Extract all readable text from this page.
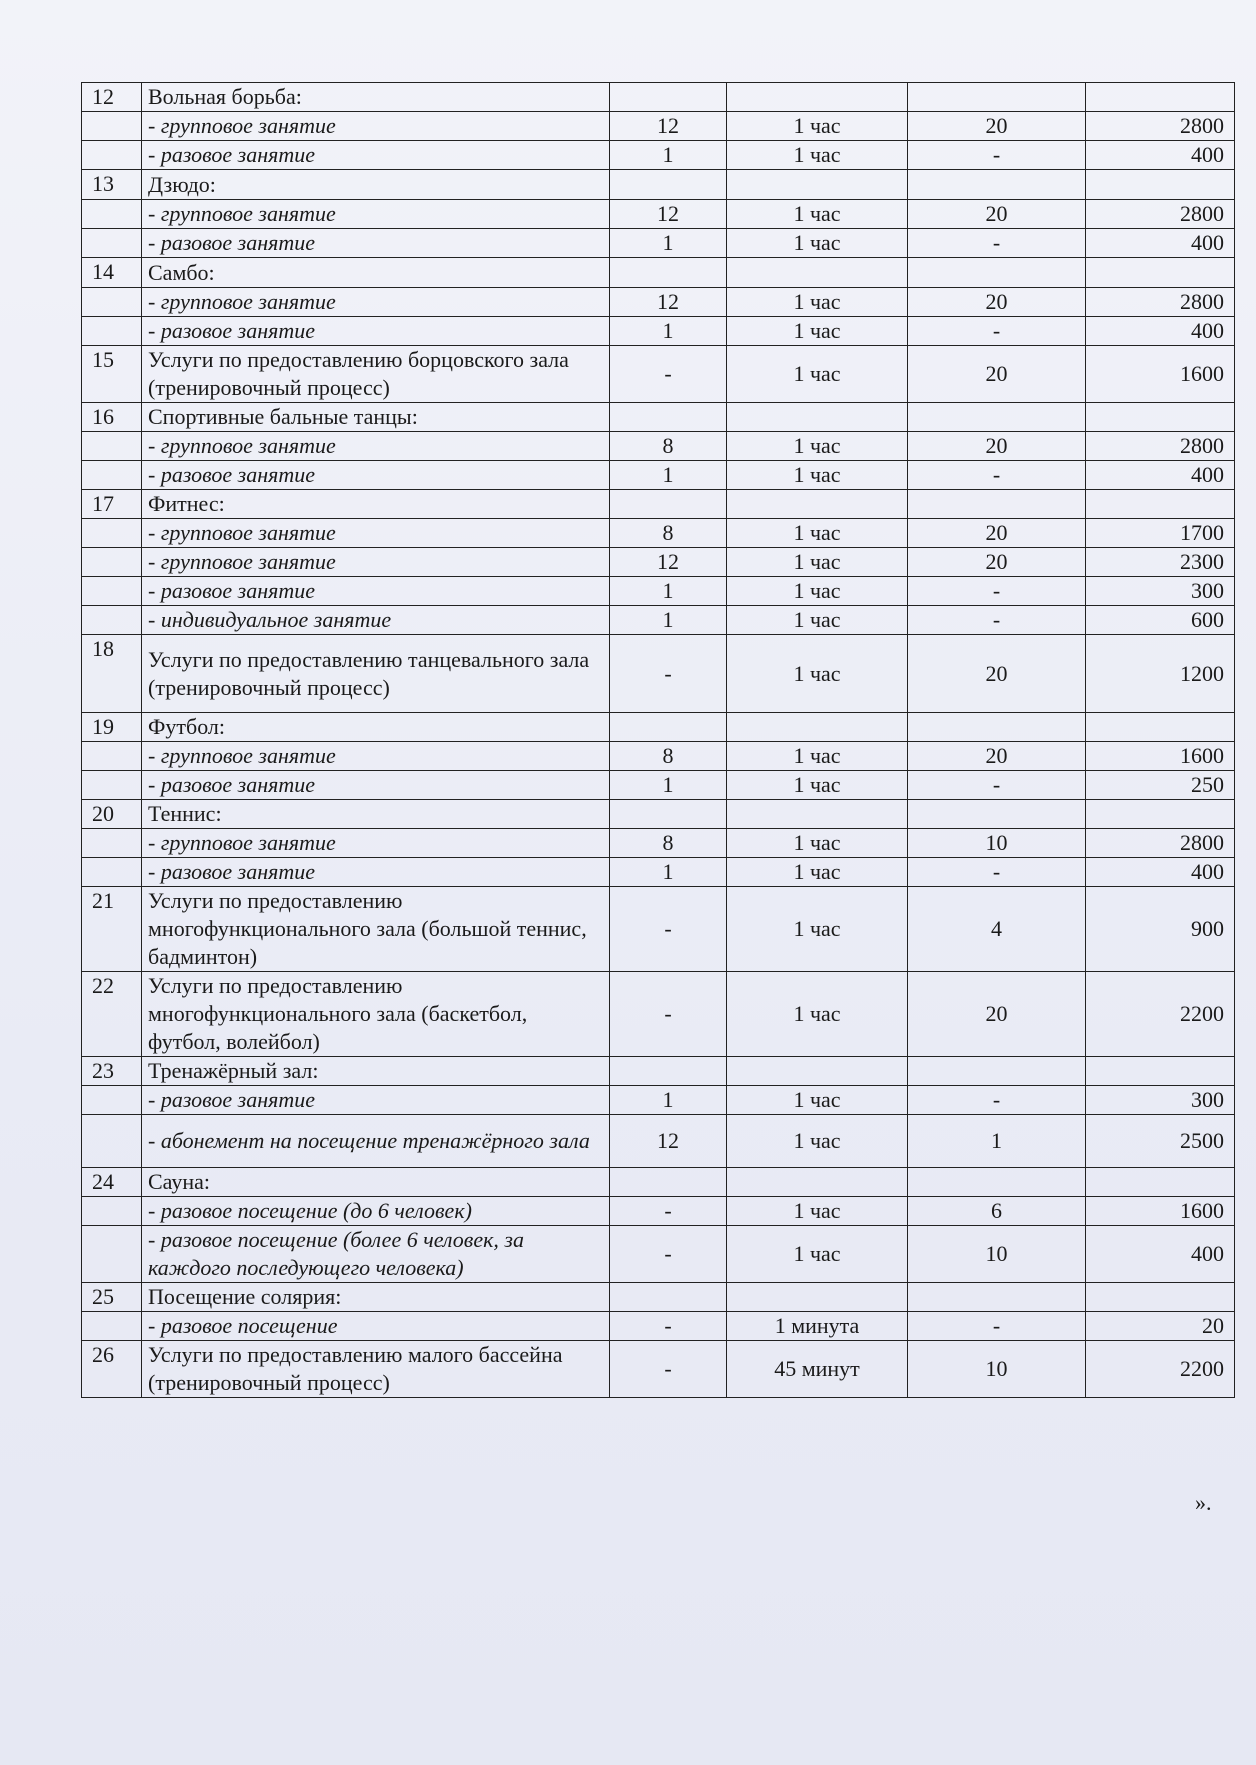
12	Вольная борьба:				
	- групповое занятие	12	1 час	20	2800
	- разовое занятие	1	1 час	-	400
13	Дзюдо:				
	- групповое занятие	12	1 час	20	2800
	- разовое занятие	1	1 час	-	400
14	Самбо:				
	- групповое занятие	12	1 час	20	2800
	- разовое занятие	1	1 час	-	400
15	Услуги по предоставлению борцовского зала (тренировочный процесс)	-	1 час	20	1600
16	Спортивные бальные танцы:				
	- групповое занятие	8	1 час	20	2800
	- разовое занятие	1	1 час	-	400
17	Фитнес:				
	- групповое занятие	8	1 час	20	1700
	- групповое занятие	12	1 час	20	2300
	- разовое занятие	1	1 час	-	300
	- индивидуальное занятие	1	1 час	-	600
18	Услуги по предоставлению танцевального зала (тренировочный процесс)	-	1 час	20	1200
19	Футбол:				
	- групповое занятие	8	1 час	20	1600
	- разовое занятие	1	1 час	-	250
20	Теннис:				
	- групповое занятие	8	1 час	10	2800
	- разовое занятие	1	1 час	-	400
21	Услуги по предоставлению многофункционального зала (большой теннис, бадминтон)	-	1 час	4	900
22	Услуги по предоставлению многофункционального зала (баскетбол, футбол, волейбол)	-	1 час	20	2200
23	Тренажёрный зал:				
	- разовое занятие	1	1 час	-	300
	- абонемент на посещение тренажёрного зала	12	1 час	1	2500
24	Сауна:				
	- разовое посещение (до 6 человек)	-	1 час	6	1600
	- разовое посещение (более 6 человек, за каждого последующего человека)	-	1 час	10	400
25	Посещение солярия:				
	- разовое посещение	-	1 минута	-	20
26	Услуги по предоставлению малого бассейна (тренировочный процесс)	-	45 минут	10	2200
».
